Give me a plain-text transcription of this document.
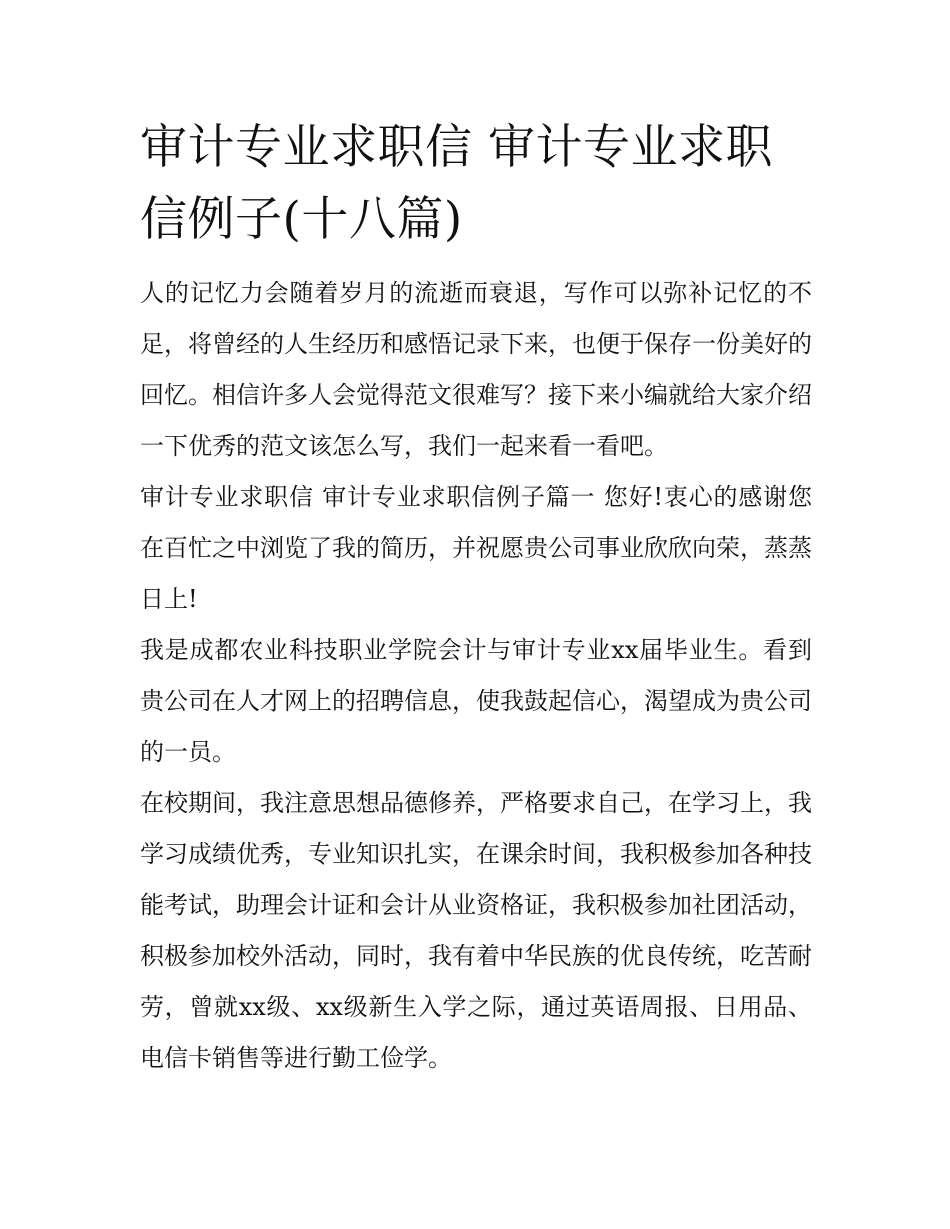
审计专业求职信 审计专业求职信例子(十八篇)

人的记忆力会随着岁月的流逝而衰退，写作可以弥补记忆的不足，将曾经的人生经历和感悟记录下来，也便于保存一份美好的回忆。相信许多人会觉得范文很难写？接下来小编就给大家介绍一下优秀的范文该怎么写，我们一起来看一看吧。

审计专业求职信 审计专业求职信例子篇一 您好!衷心的感谢您在百忙之中浏览了我的简历，并祝愿贵公司事业欣欣向荣，蒸蒸日上!

我是成都农业科技职业学院会计与审计专业xx届毕业生。看到贵公司在人才网上的招聘信息，使我鼓起信心，渴望成为贵公司的一员。

在校期间，我注意思想品德修养，严格要求自己，在学习上，我学习成绩优秀，专业知识扎实，在课余时间，我积极参加各种技能考试，助理会计证和会计从业资格证，我积极参加社团活动，积极参加校外活动，同时，我有着中华民族的优良传统，吃苦耐劳，曾就xx级、xx级新生入学之际，通过英语周报、日用品、电信卡销售等进行勤工俭学。
